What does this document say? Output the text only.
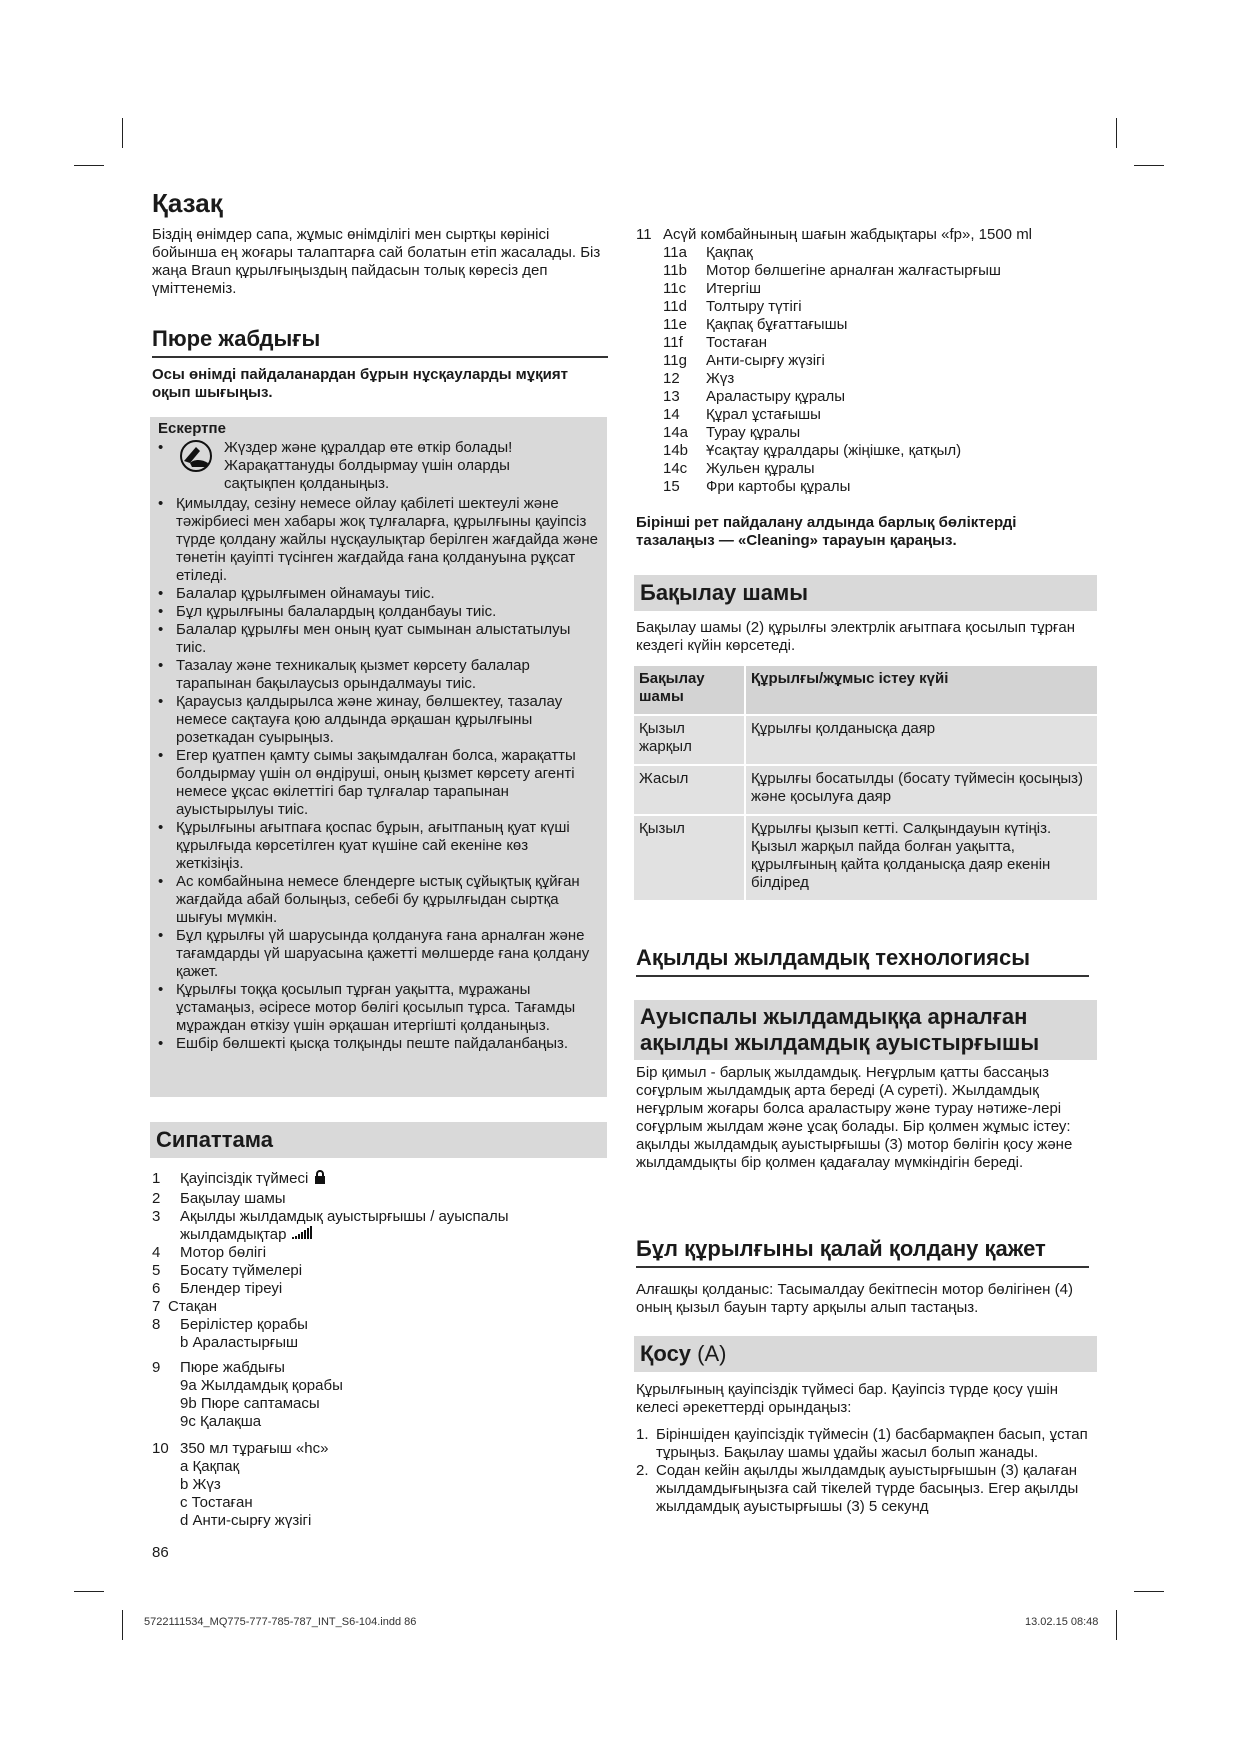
Қазақ

Біздің өнімдер сапа, жұмыс өнімділігі мен сыртқы көрінісі бойынша ең жоғары талаптарға сай болатын етіп жасалады. Біз жаңа Braun құрылғыңыздың пайдасын толық көресіз деп үміттенеміз.

Пюре жабдығы

Осы өнімді пайдаланардан бұрын нұсқауларды мұқият оқып шығыңыз.

Ескертпе

•	Жүздер және құралдар өте өткір болады! Жарақаттануды болдырмау үшін оларды сақтықпен қолданыңыз.
• Қимылдау, сезіну немесе ойлау қабілеті шектеулі және тәжірбиесі мен хабары жоқ тұлғаларға, құрылғыны қауіпсіз түрде қолдану жайлы нұсқаулықтар берілген жағдайда және төнетін қауіпті түсінген жағдайда ғана қолдануына рұқсат етіледі.
• Балалар құрылғымен ойнамауы тиіс.
• Бұл құрылғыны балалардың қолданбауы тиіс.
• Балалар құрылғы мен оның қуат сымынан алыстатылуы тиіс.
• Тазалау және техникалық қызмет көрсету балалар тарапынан бақылаусыз орындалмауы тиіс.
• Қараусыз қалдырылса және жинау, бөлшектеу, тазалау немесе сақтауға қою алдында әрқашан құрылғыны розеткадан суырыңыз.
• Егер қуатпен қамту сымы зақымдалған болса, жарақатты болдырмау үшін ол өндіруші, оның қызмет көрсету агенті немесе ұқсас өкілеттігі бар тұлғалар тарапынан ауыстырылуы тиіс.
• Құрылғыны ағытпаға қоспас бұрын, ағытпаның қуат күші құрылғыда көрсетілген қуат күшіне сай екеніне көз жеткізіңіз.
• Ас комбайнына немесе блендерге ыстық сұйықтық құйған жағдайда абай болыңыз, себебі бу құрылғыдан сыртқа шығуы мүмкін.
• Бұл құрылғы үй шарусында қолдануға ғана арналған және тағамдарды үй шаруасына қажетті мөлшерде ғана қолдану қажет.
• Құрылғы тоққа қосылып тұрған уақытта, мұражаны ұстамаңыз, әсіресе мотор бөлігі қосылып тұрса. Тағамды мұраждан өткізу үшін әрқашан итергішті қолданыңыз.
• Ешбір бөлшекті қысқа толқынды пеште пайдаланбаңыз.
Сипаттама
1	Қауіпсіздік түймесі
2	Бақылау шамы
3	Ақылды жылдамдық ауыстырғышы / ауыспалы
жылдамдықтар
4	Мотор бөлігі
5	Босату түймелері
6	Блендер тіреуі
7 Стақан
8	Берілістер қорабы
b Араластырғыш
9	Пюре жабдығы
9a Жылдамдық қорабы
9b Пюре саптамасы
9c Қалақша
10 350 мл тұрағыш «hc»
a Қақпақ
b Жүз
c Тостаған
d Анти-сырғу жүзігі
86
11 Асүй комбайнының шағын жабдықтары «fp», 1500 ml
11a	Қақпақ
11b	Мотор бөлшегіне арналған жалғастырғыш
11c	Итергіш
11d	Толтыру түтігі
11e	Қақпақ бұғаттағышы
11f	Тостаған
11g	Анти-сырғу жүзігі
12	Жүз
13	Араластыру құралы
14	Құрал ұстағышы
14a	Турау құралы
14b	Ұсақтау құралдары (жіңішке, қатқыл)
14c	Жульен құралы
15	Фри картобы құралы

Бірінші рет пайдалану алдында барлық бөліктерді тазалаңыз — «Cleaning» тарауын қараңыз.

Бақылау шамы

Бақылау шамы (2) құрылғы электрлік ағытпаға қосылып тұрған кездегі күйін көрсетеді.

Бақылау шамы	Құрылғы/жұмыс істеу күйі
Қызыл жарқыл	Құрылғы қолданысқа даяр
Жасыл	Құрылғы босатылды (босату түймесін қосыңыз) және қосылуға даяр
Қызыл	Құрылғы қызып кетті. Салқындауын күтіңіз. Қызыл жарқыл пайда болған уақытта, құрылғының қайта қолданысқа даяр екенін білдіред
Ақылды жылдамдық технологиясы
Ауыспалы жылдамдыққа арналған ақылды жылдамдық ауыстырғышы

Бір қимыл - барлық жылдамдық. Неғұрлым қатты бассаңыз соғұрлым жылдамдық арта береді (A суреті). Жылдамдық неғұрлым жоғары болса араластыру және турау нәтиже-лері соғұрлым жылдам және ұсақ болады. Бір қолмен жұмыс істеу: ақылды жылдамдық ауыстырғышы (3) мотор бөлігін қосу және жылдамдықты бір қолмен қадағалау мүмкіндігін береді.

Бұл құрылғыны қалай қолдану қажет

Алғашқы қолданыс: Тасымалдау бекітпесін мотор бөлігінен (4) оның қызыл бауын тарту арқылы алып тастаңыз.

Қосу (A)

Құрылғының қауіпсіздік түймесі бар. Қауіпсіз түрде қосу үшін келесі әрекеттерді орындаңыз:

1. Біріншіден қауіпсіздік түймесін (1) басбармақпен басып, ұстап тұрыңыз. Бақылау шамы ұдайы жасыл болып жанады.
2. Содан кейін ақылды жылдамдық ауыстырғышын (3) қалаған жылдамдығыңызға сай тікелей түрде басыңыз. Егер ақылды жылдамдық ауыстырғышы (3) 5 секунд
5722111534_MQ775-777-785-787_INT_S6-104.indd 86	13.02.15 08:48
